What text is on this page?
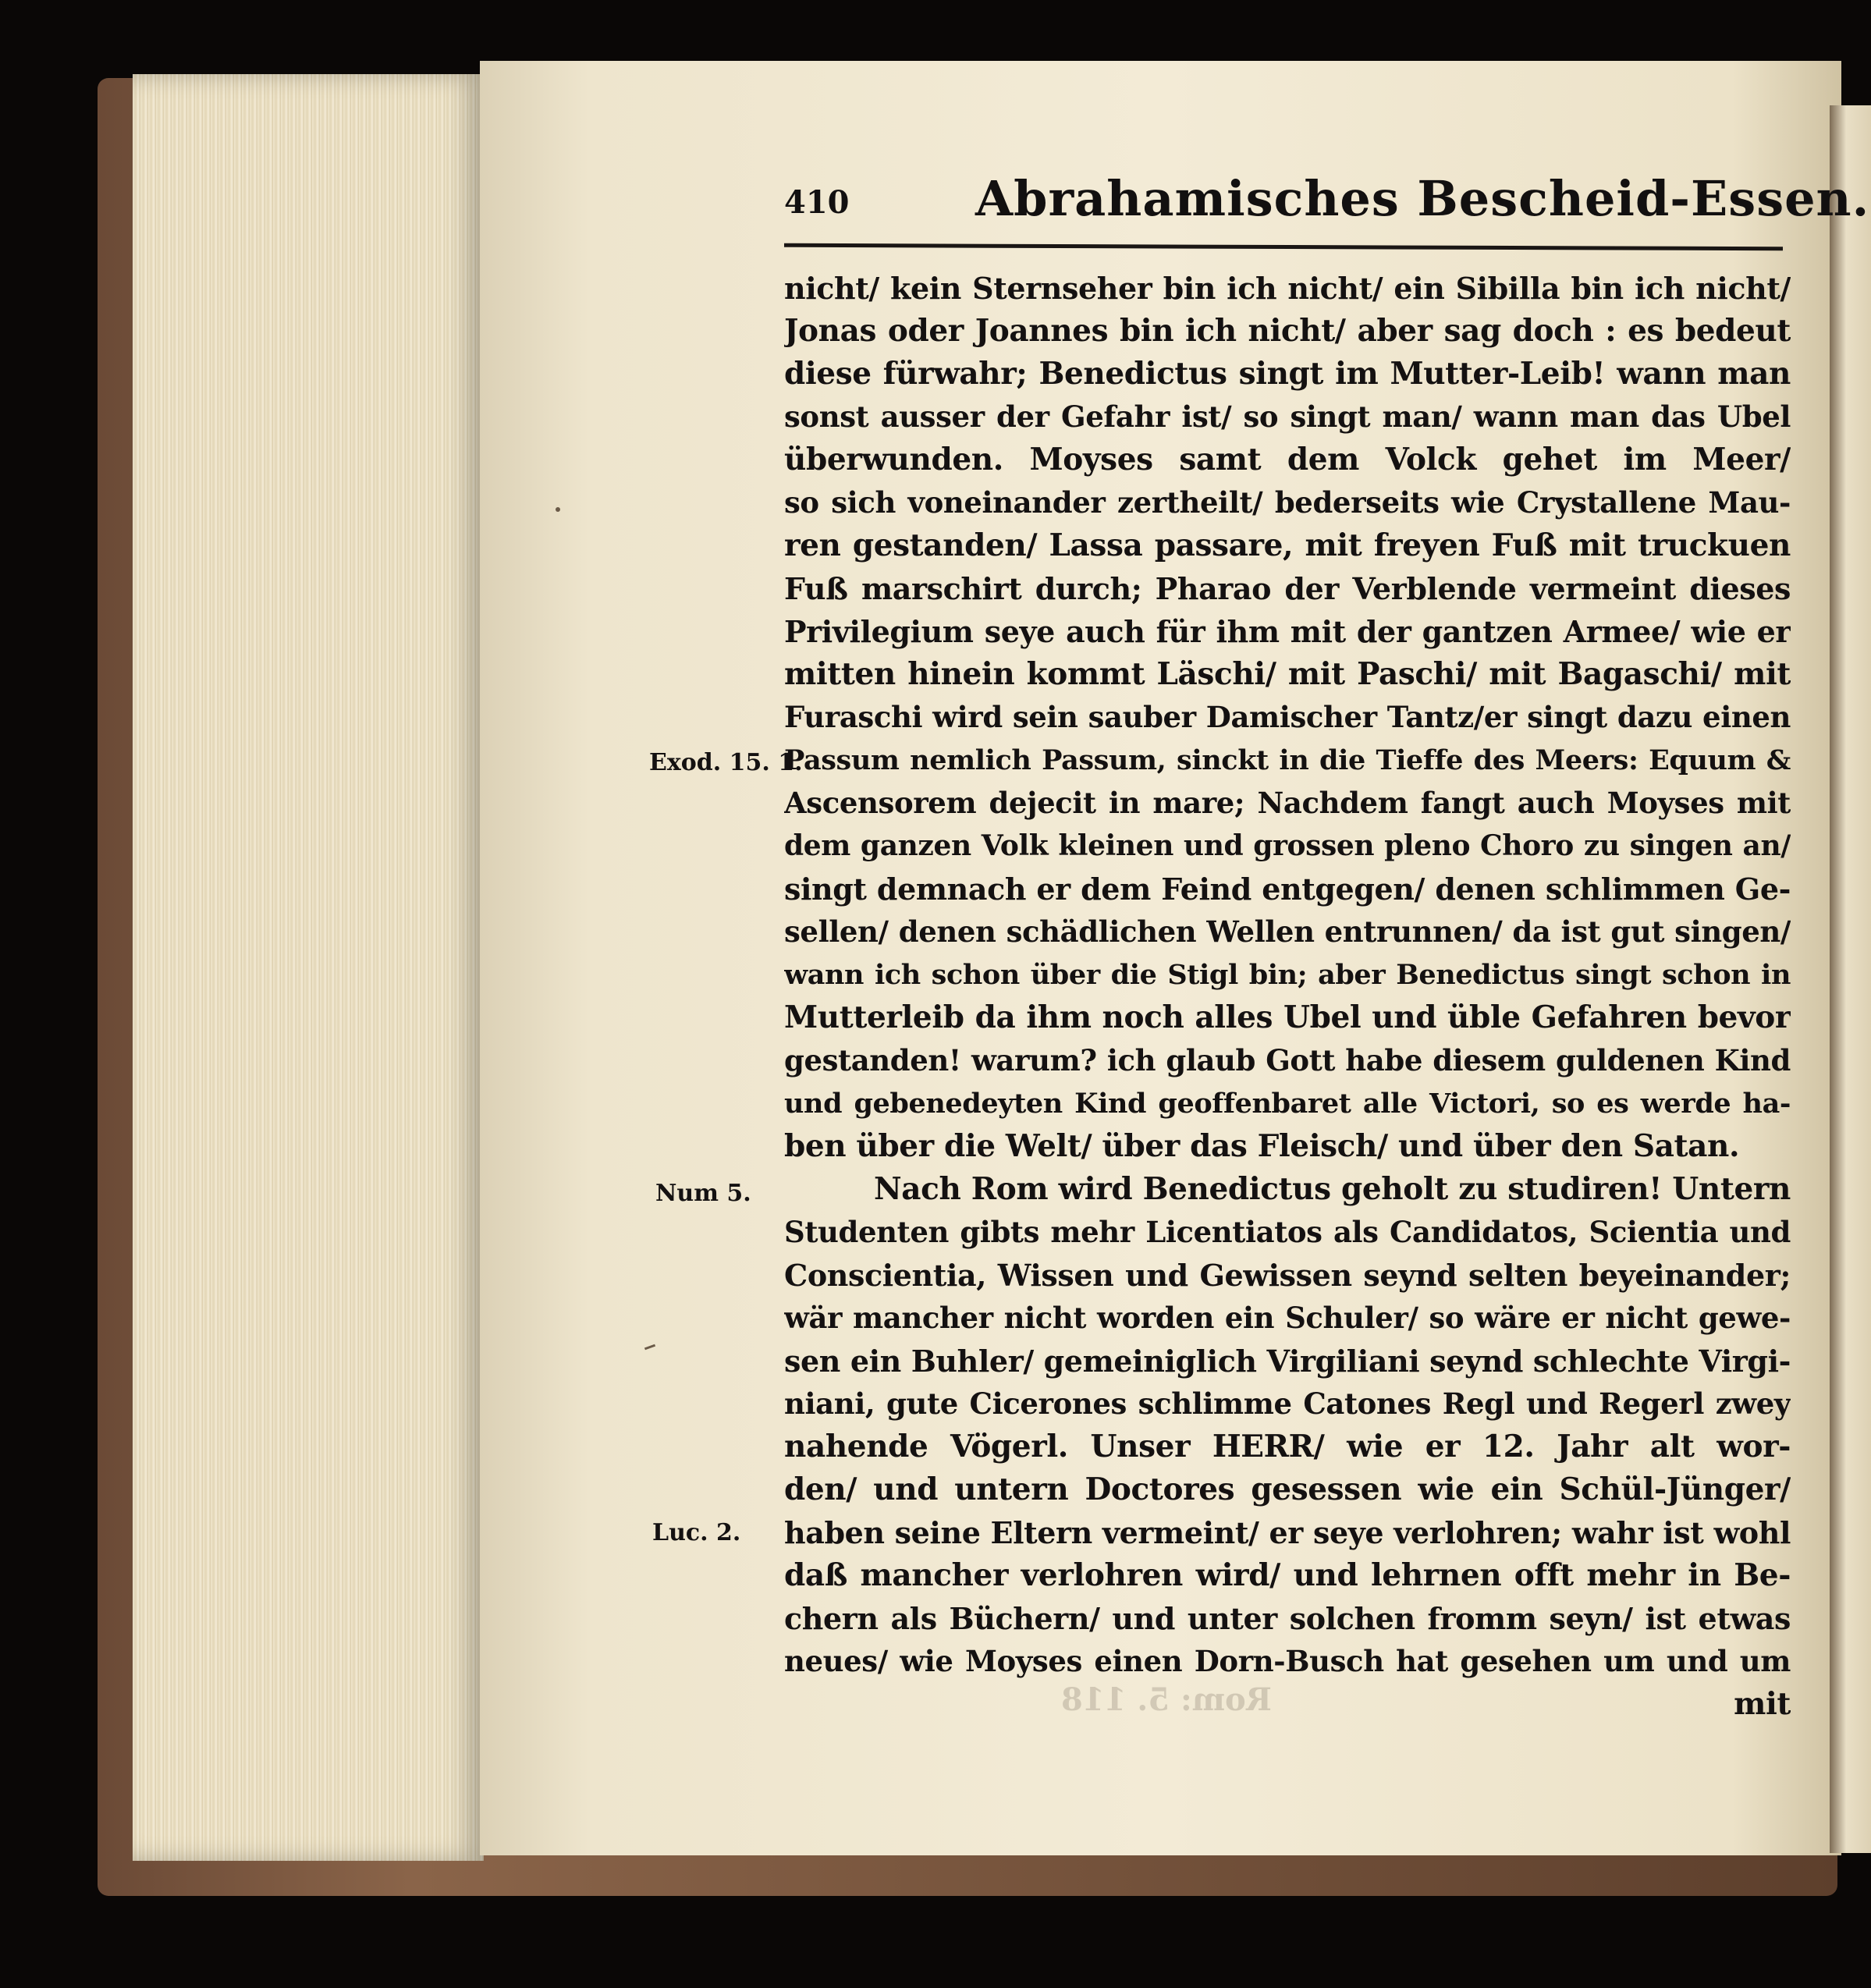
410	Abrahamisches Bescheid-Essen.
Rom: 5. 118
nicht/ kein Sternseher bin ich nicht/ ein Sibilla bin ich nicht/
Jonas oder Joannes bin ich nicht/ aber sag doch : es bedeut
diese fürwahr; Benedictus singt im Mutter-Leib! wann man
sonst ausser der Gefahr ist/ so singt man/ wann man das Ubel
überwunden. Moyses samt dem Volck gehet im Meer/
so sich voneinander zertheilt/ bederseits wie Crystallene Mau-
ren gestanden/ Lassa passare, mit freyen Fuß mit truckuen
Fuß marschirt durch; Pharao der Verblende vermeint dieses
Privilegium seye auch für ihm mit der gantzen Armee/ wie er
mitten hinein kommt Läschi/ mit Paschi/ mit Bagaschi/ mit
Furaschi wird sein sauber Damischer Tantz/er singt dazu einen
Passum nemlich Passum, sinckt in die Tieffe des Meers: Equum &
Ascensorem dejecit in mare; Nachdem fangt auch Moyses mit
dem ganzen Volk kleinen und grossen pleno Choro zu singen an/
singt demnach er dem Feind entgegen/ denen schlimmen Ge-
sellen/ denen schädlichen Wellen entrunnen/ da ist gut singen/
wann ich schon über die Stigl bin; aber Benedictus singt schon in
Mutterleib da ihm noch alles Ubel und üble Gefahren bevor
gestanden! warum? ich glaub Gott habe diesem guldenen Kind
und gebenedeyten Kind geoffenbaret alle Victori, so es werde ha-
ben über die Welt/ über das Fleisch/ und über den Satan.
Nach Rom wird Benedictus geholt zu studiren! Untern
Studenten gibts mehr Licentiatos als Candidatos, Scientia und
Conscientia, Wissen und Gewissen seynd selten beyeinander;
wär mancher nicht worden ein Schuler/ so wäre er nicht gewe-
sen ein Buhler/ gemeiniglich Virgiliani seynd schlechte Virgi-
niani, gute Cicerones schlimme Catones Regl und Regerl zwey
nahende Vögerl. Unser HERR/ wie er 12. Jahr alt wor-
den/ und untern Doctores gesessen wie ein Schül-Jünger/
haben seine Eltern vermeint/ er seye verlohren; wahr ist wohl
daß mancher verlohren wird/ und lehrnen offt mehr in Be-
chern als Büchern/ und unter solchen fromm seyn/ ist etwas
neues/ wie Moyses einen Dorn-Busch hat gesehen um und um
mit
Exod. 15. 1.
Num 5.
Luc. 2.
